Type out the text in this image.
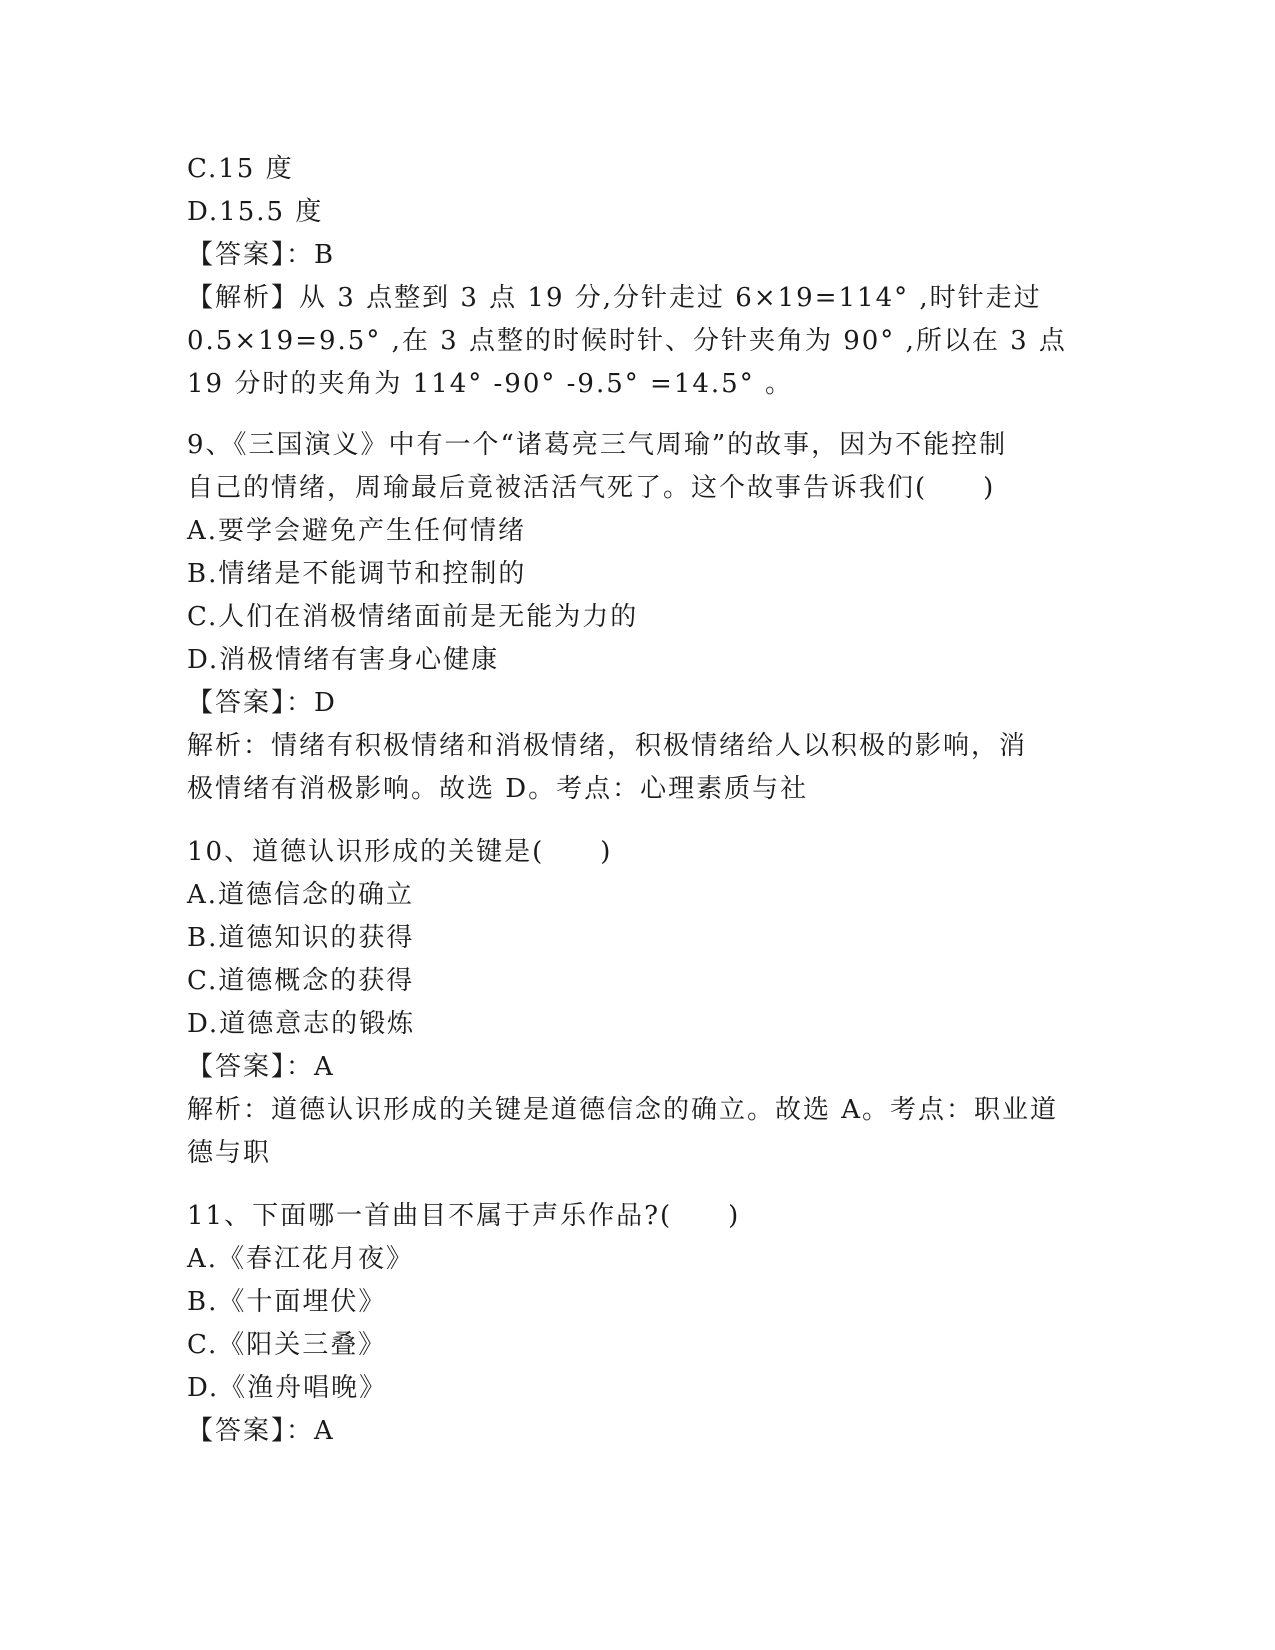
C.15 度
D.15.5 度
【答案】：B
【解析】从 3 点整到 3 点 19 分,分针走过 6×19=114° ,时针走过
0.5×19=9.5° ,在 3 点整的时候时针、分针夹角为 90° ,所以在 3 点
19 分时的夹角为 114° -90° -9.5° =14.5° 。
9、《三国演义》中有一个“诸葛亮三气周瑜”的故事，因为不能控制
自己的情绪，周瑜最后竟被活活气死了。这个故事告诉我们(　　)
A.要学会避免产生任何情绪
B.情绪是不能调节和控制的
C.人们在消极情绪面前是无能为力的
D.消极情绪有害身心健康
【答案】：D
解析：情绪有积极情绪和消极情绪，积极情绪给人以积极的影响，消
极情绪有消极影响。故选 D。考点：心理素质与社
10、道德认识形成的关键是(　　)
A.道德信念的确立
B.道德知识的获得
C.道德概念的获得
D.道德意志的锻炼
【答案】：A
解析：道德认识形成的关键是道德信念的确立。故选 A。考点：职业道
德与职
11、下面哪一首曲目不属于声乐作品?(　　)
A.《春江花月夜》
B.《十面埋伏》
C.《阳关三叠》
D.《渔舟唱晚》
【答案】：A
